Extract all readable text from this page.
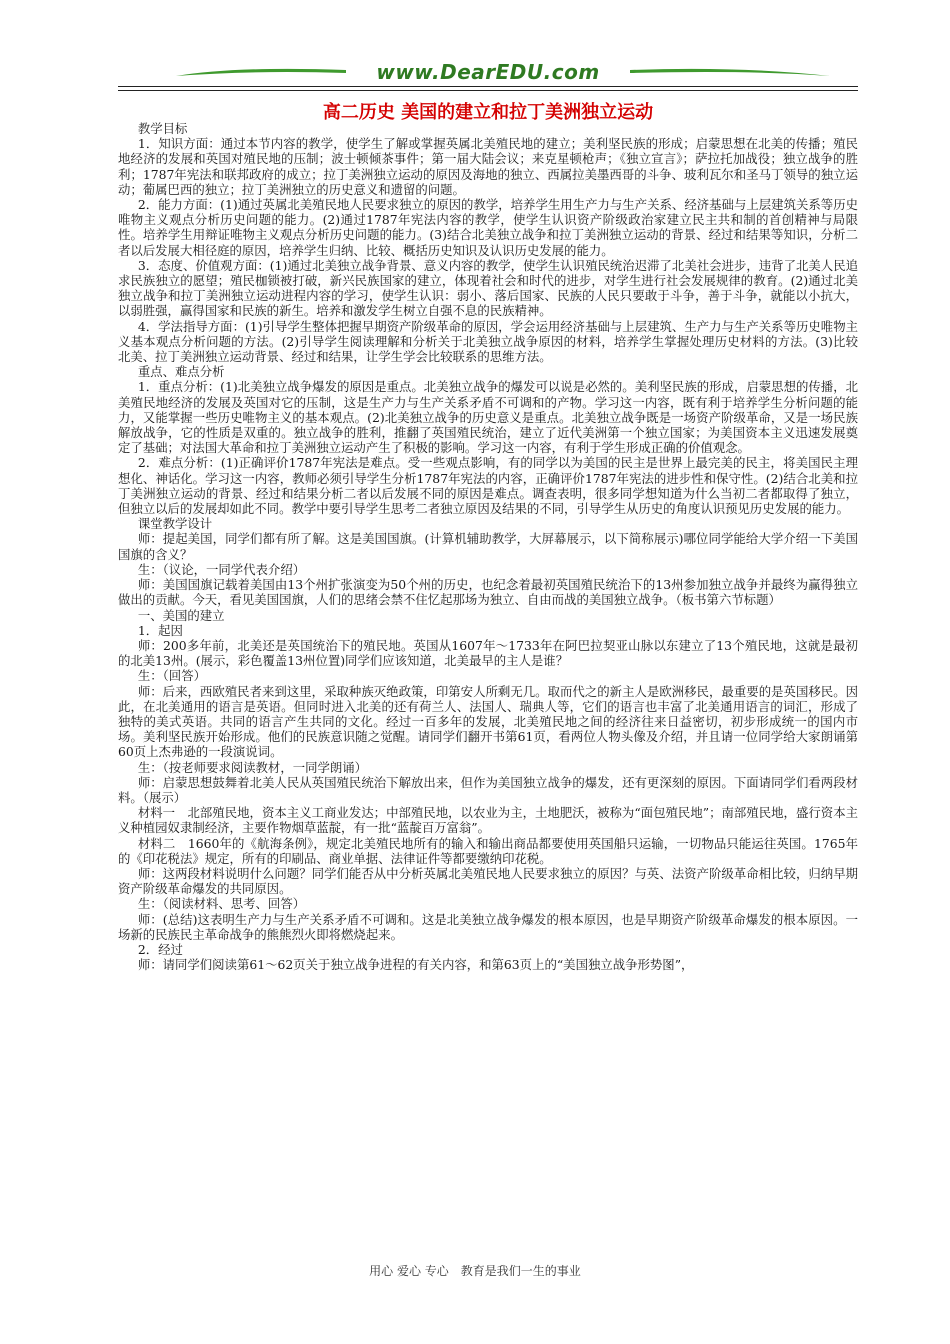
www.DearEDU.com
高二历史 美国的建立和拉丁美洲独立运动

教学目标

1．知识方面：通过本节内容的教学，使学生了解或掌握英属北美殖民地的建立；美利坚民族的形成；启蒙思想在北美的传播；殖民地经济的发展和英国对殖民地的压制；波士顿倾茶事件；第一届大陆会议；来克星顿枪声；《独立宣言》；萨拉托加战役；独立战争的胜利；1787年宪法和联邦政府的成立；拉丁美洲独立运动的原因及海地的独立、西属拉美墨西哥的斗争、玻利瓦尔和圣马丁领导的独立运动；葡属巴西的独立；拉丁美洲独立的历史意义和遗留的问题。

2．能力方面：(1)通过英属北美殖民地人民要求独立的原因的教学，培养学生用生产力与生产关系、经济基础与上层建筑关系等历史唯物主义观点分析历史问题的能力。(2)通过1787年宪法内容的教学，使学生认识资产阶级政治家建立民主共和制的首创精神与局限性。培养学生用辩证唯物主义观点分析历史问题的能力。(3)结合北美独立战争和拉丁美洲独立运动的背景、经过和结果等知识，分析二者以后发展大相径庭的原因，培养学生归纳、比较、概括历史知识及认识历史发展的能力。

3．态度、价值观方面：(1)通过北美独立战争背景、意义内容的教学，使学生认识殖民统治迟滞了北美社会进步，违背了北美人民追求民族独立的愿望；殖民枷锁被打破，新兴民族国家的建立，体现着社会和时代的进步，对学生进行社会发展规律的教育。(2)通过北美独立战争和拉丁美洲独立运动进程内容的学习，使学生认识：弱小、落后国家、民族的人民只要敢于斗争，善于斗争，就能以小抗大，以弱胜强，赢得国家和民族的新生。培养和激发学生树立自强不息的民族精神。

4．学法指导方面：(1)引导学生整体把握早期资产阶级革命的原因，学会运用经济基础与上层建筑、生产力与生产关系等历史唯物主义基本观点分析问题的方法。(2)引导学生阅读理解和分析关于北美独立战争原因的材料，培养学生掌握处理历史材料的方法。(3)比较北美、拉丁美洲独立运动背景、经过和结果，让学生学会比较联系的思维方法。

重点、难点分析

1．重点分析：(1)北美独立战争爆发的原因是重点。北美独立战争的爆发可以说是必然的。美利坚民族的形成，启蒙思想的传播，北美殖民地经济的发展及英国对它的压制，这是生产力与生产关系矛盾不可调和的产物。学习这一内容，既有利于培养学生分析问题的能力，又能掌握一些历史唯物主义的基本观点。(2)北美独立战争的历史意义是重点。北美独立战争既是一场资产阶级革命，又是一场民族解放战争，它的性质是双重的。独立战争的胜利，推翻了英国殖民统治，建立了近代美洲第一个独立国家；为美国资本主义迅速发展奠定了基础；对法国大革命和拉丁美洲独立运动产生了积极的影响。学习这一内容，有利于学生形成正确的价值观念。

2．难点分析：(1)正确评价1787年宪法是难点。受一些观点影响，有的同学以为美国的民主是世界上最完美的民主，将美国民主理想化、神话化。学习这一内容，教师必须引导学生分析1787年宪法的内容，正确评价1787年宪法的进步性和保守性。(2)结合北美和拉丁美洲独立运动的背景、经过和结果分析二者以后发展不同的原因是难点。调查表明，很多同学想知道为什么当初二者都取得了独立，但独立以后的发展却如此不同。教学中要引导学生思考二者独立原因及结果的不同，引导学生从历史的角度认识预见历史发展的能力。

课堂教学设计

师：提起美国，同学们都有所了解。这是美国国旗。(计算机辅助教学，大屏幕展示，以下简称展示)哪位同学能给大学介绍一下美国国旗的含义？

生：（议论，一同学代表介绍）

师：美国国旗记载着美国由13个州扩张演变为50个州的历史，也纪念着最初英国殖民统治下的13州参加独立战争并最终为赢得独立做出的贡献。今天，看见美国国旗，人们的思绪会禁不住忆起那场为独立、自由而战的美国独立战争。（板书第六节标题）

一、美国的建立

1．起因

师：200多年前，北美还是英国统治下的殖民地。英国从1607年～1733年在阿巴拉契亚山脉以东建立了13个殖民地，这就是最初的北美13州。(展示，彩色覆盖13州位置)同学们应该知道，北美最早的主人是谁？

生：（回答）

师：后来，西欧殖民者来到这里，采取种族灭绝政策，印第安人所剩无几。取而代之的新主人是欧洲移民，最重要的是英国移民。因此，在北美通用的语言是英语。但同时进入北美的还有荷兰人、法国人、瑞典人等，它们的语言也丰富了北美通用语言的词汇，形成了独特的美式英语。共同的语言产生共同的文化。经过一百多年的发展，北美殖民地之间的经济往来日益密切，初步形成统一的国内市场。美利坚民族开始形成。他们的民族意识随之觉醒。请同学们翻开书第61页，看两位人物头像及介绍，并且请一位同学给大家朗诵第60页上杰弗逊的一段演说词。

生：（按老师要求阅读教材，一同学朗诵）

师：启蒙思想鼓舞着北美人民从英国殖民统治下解放出来，但作为美国独立战争的爆发，还有更深刻的原因。下面请同学们看两段材料。（展示）

材料一　北部殖民地，资本主义工商业发达；中部殖民地，以农业为主，土地肥沃，被称为“面包殖民地”；南部殖民地，盛行资本主义种植园奴隶制经济，主要作物烟草蓝靛，有一批“蓝靛百万富翁”。

材料二　1660年的《航海条例》，规定北美殖民地所有的输入和输出商品都要使用英国船只运输，一切物品只能运往英国。1765年的《印花税法》规定，所有的印刷品、商业单据、法律证件等都要缴纳印花税。

师：这两段材料说明什么问题？同学们能否从中分析英属北美殖民地人民要求独立的原因？与英、法资产阶级革命相比较，归纳早期资产阶级革命爆发的共同原因。

生：（阅读材料、思考、回答）

师：(总结)这表明生产力与生产关系矛盾不可调和。这是北美独立战争爆发的根本原因，也是早期资产阶级革命爆发的根本原因。一场新的民族民主革命战争的熊熊烈火即将燃烧起来。

2．经过

师：请同学们阅读第61～62页关于独立战争进程的有关内容，和第63页上的“美国独立战争形势图”，

用心 爱心 专心　教育是我们一生的事业
